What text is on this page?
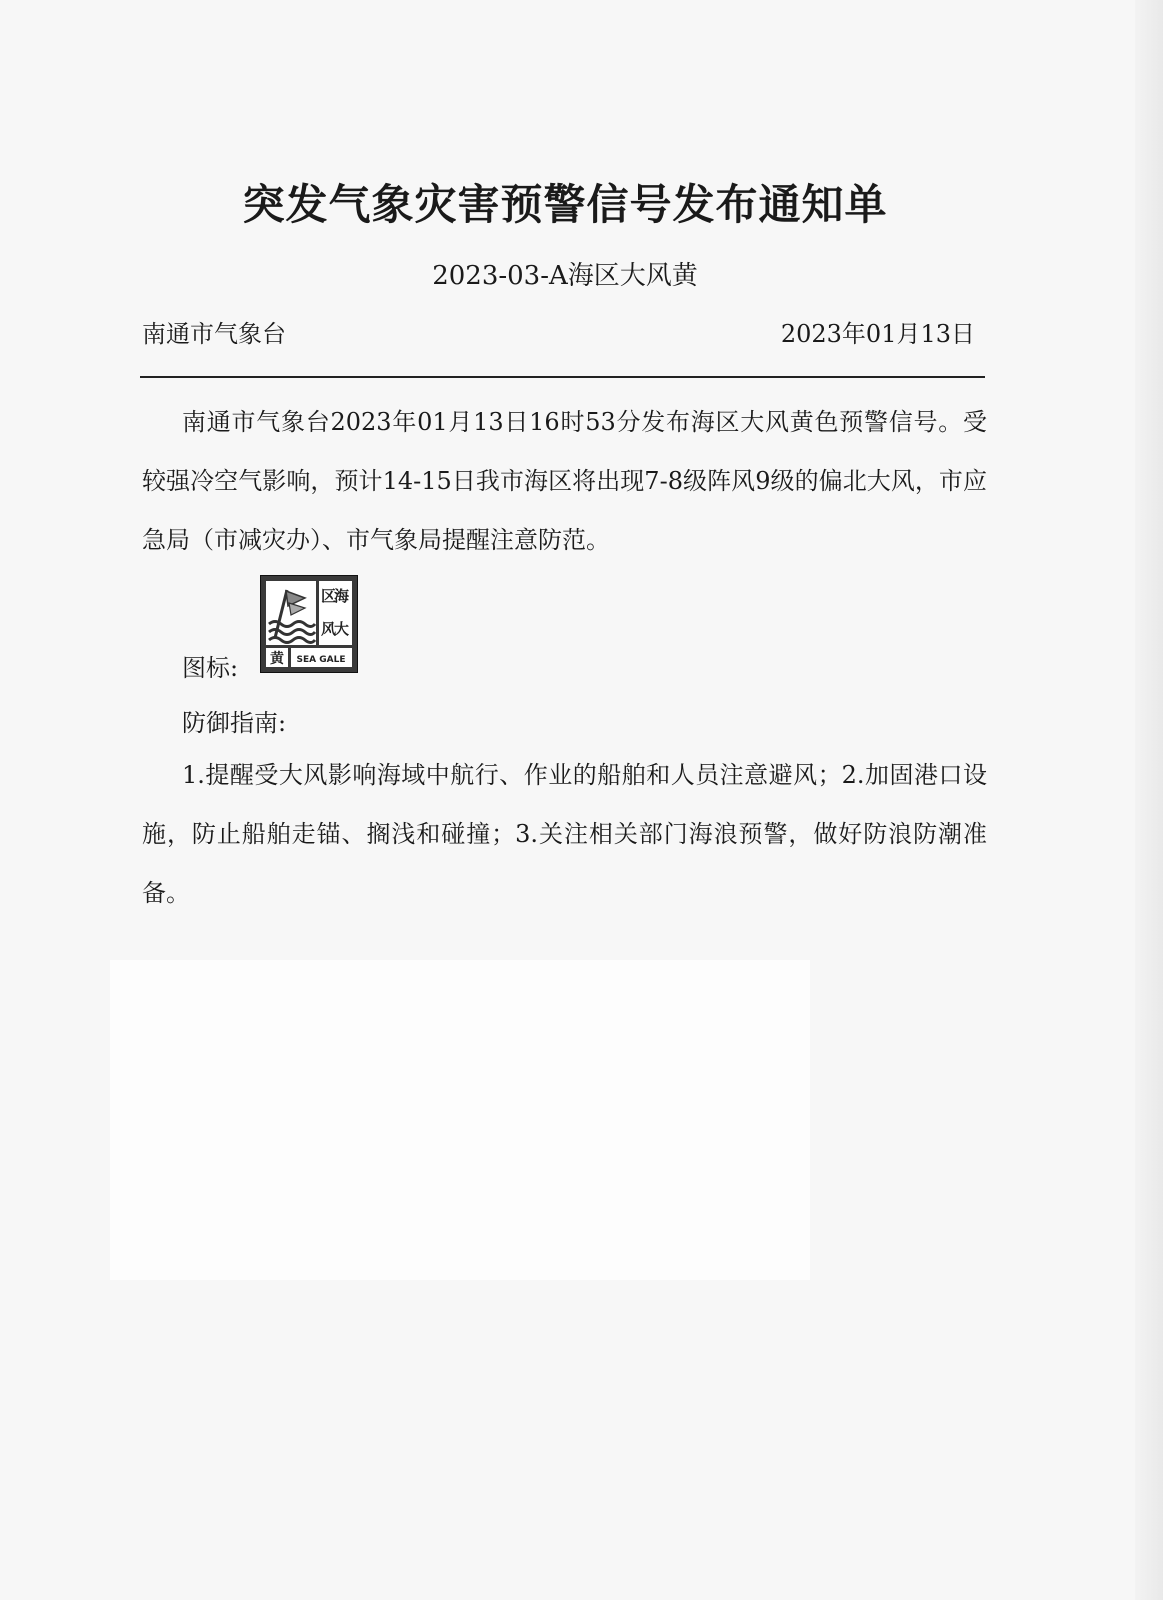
突发气象灾害预警信号发布通知单
2023-03-A海区大风黄
南通市气象台	2023年01月13日
南通市气象台2023年01月13日16时53分发布海区大风黄色预警信号。受较强冷空气影响，预计14-15日我市海区将出现7-8级阵风9级的偏北大风，市应急局（市减灾办）、市气象局提醒注意防范。
图标:
海区大风
黄 SEA GALE
防御指南:
1.提醒受大风影响海域中航行、作业的船舶和人员注意避风；2.加固港口设施，防止船舶走锚、搁浅和碰撞；3.关注相关部门海浪预警，做好防浪防潮准备。
